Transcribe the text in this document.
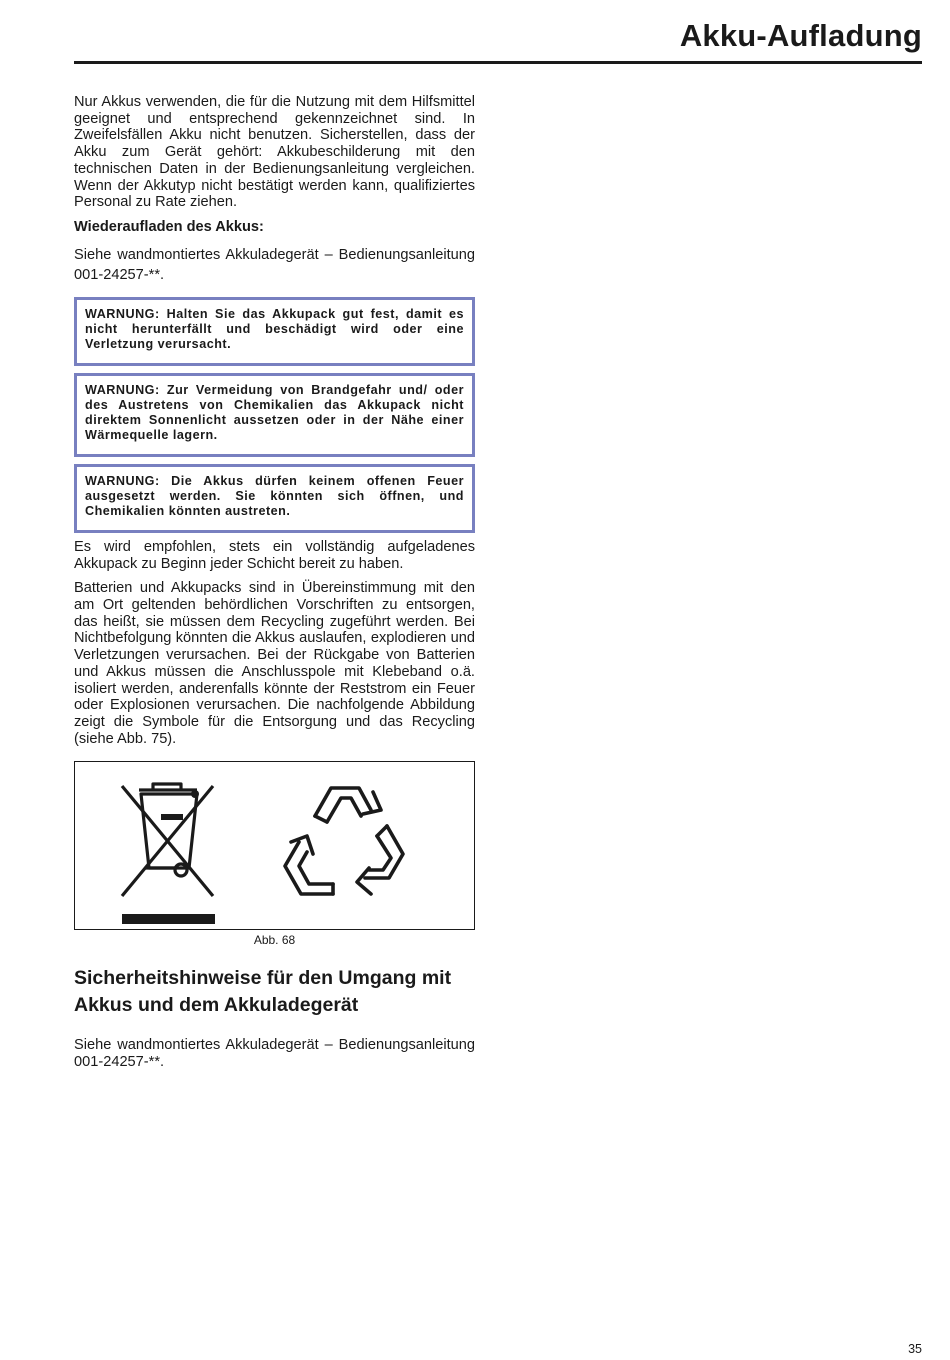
Akku-Aufladung

Nur Akkus verwenden, die für die Nutzung mit dem Hilfsmittel geeignet und entsprechend gekennzeichnet sind. In Zweifelsfällen Akku nicht benutzen. Sicherstellen, dass der Akku zum Gerät gehört: Akkubeschilderung mit den technischen Daten in der Bedienungsanleitung vergleichen. Wenn der Akkutyp nicht bestätigt werden kann, qualifiziertes Personal zu Rate ziehen.

Wiederaufladen des Akkus:

Siehe wandmontiertes Akkuladegerät – Bedienungsanleitung 001-24257-**.

WARNUNG: Halten Sie das Akkupack gut fest, damit es nicht herunterfällt und beschädigt wird oder eine Verletzung verursacht.

WARNUNG: Zur Vermeidung von Brandgefahr und/ oder des Austretens von Chemikalien das Akkupack nicht direktem Sonnenlicht aussetzen oder in der Nähe einer Wärmequelle lagern.

WARNUNG: Die Akkus dürfen keinem offenen Feuer ausgesetzt werden. Sie könnten sich öffnen, und Chemikalien könnten austreten.

Es wird empfohlen, stets ein vollständig aufgeladenes Akkupack zu Beginn jeder Schicht bereit zu haben.

Batterien und Akkupacks sind in Übereinstimmung mit den am Ort geltenden behördlichen Vorschriften zu entsorgen, das heißt, sie müssen dem Recycling zugeführt werden. Bei Nichtbefolgung könnten die Akkus auslaufen, explodieren und Verletzungen verursachen. Bei der Rückgabe von Batterien und Akkus müssen die Anschlusspole mit Klebeband o.ä. isoliert werden, anderenfalls könnte der Reststrom ein Feuer oder Explosionen verursachen. Die nachfolgende Abbildung zeigt die Symbole für die Entsorgung und das Recycling (siehe Abb. 75).

Abb. 68

Sicherheitshinweise für den Umgang mit Akkus und dem Akkuladegerät

Siehe wandmontiertes Akkuladegerät – Bedienungsanleitung 001-24257-**.

35
